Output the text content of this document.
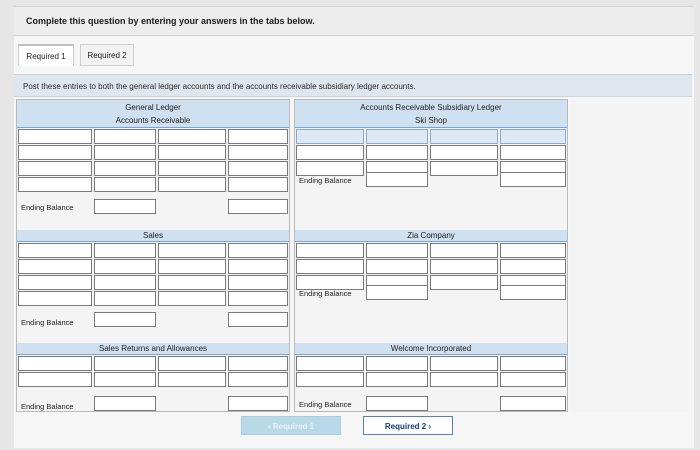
Complete this question by entering your answers in the tabs below.
Required 1	Required 2
Post these entries to both the general ledger accounts and the accounts receivable subsidiary ledger accounts.
General Ledger
Accounts Receivable
Ending Balance
Sales
Ending Balance
Sales Returns and Allowances
Ending Balance
Accounts Receivable Subsidiary Ledger
Ski Shop
Ending Balance
Zia Company
Ending Balance
Welcome Incorporated
Ending Balance
‹ Required 1	Required 2 ›
